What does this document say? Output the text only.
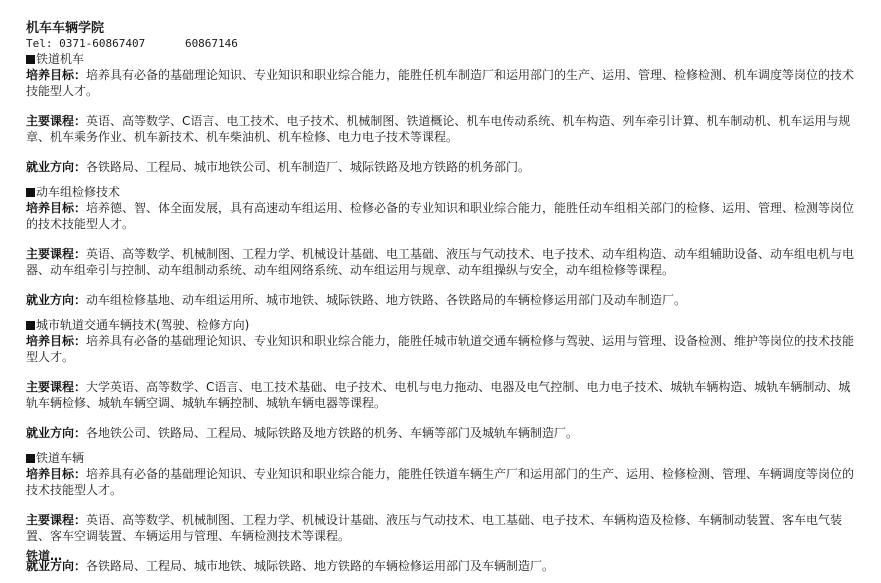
机车车辆学院
Tel: 0371-60867407      60867146
铁道机车

培养目标：培养具有必备的基础理论知识、专业知识和职业综合能力，能胜任机车制造厂和运用部门的生产、运用、管理、检修检测、机车调度等岗位的技术技能型人才。

主要课程：英语、高等数学、C语言、电工技术、电子技术、机械制图、铁道概论、机车电传动系统、机车构造、列车牵引计算、机车制动机、机车运用与规章、机车乘务作业、机车新技术、机车柴油机、机车检修、电力电子技术等课程。

就业方向：各铁路局、工程局、城市地铁公司、机车制造厂、城际铁路及地方铁路的机务部门。

动车组检修技术

培养目标：培养德、智、体全面发展，具有高速动车组运用、检修必备的专业知识和职业综合能力，能胜任动车组相关部门的检修、运用、管理、检测等岗位的技术技能型人才。

主要课程：英语、高等数学、机械制图、工程力学、机械设计基础、电工基础、液压与气动技术、电子技术、动车组构造、动车组辅助设备、动车组电机与电器、动车组牵引与控制、动车组制动系统、动车组网络系统、动车组运用与规章、动车组操纵与安全，动车组检修等课程。

就业方向：动车组检修基地、动车组运用所、城市地铁、城际铁路、地方铁路、各铁路局的车辆检修运用部门及动车制造厂。

城市轨道交通车辆技术(驾驶、检修方向)

培养目标：培养具有必备的基础理论知识、专业知识和职业综合能力，能胜任城市轨道交通车辆检修与驾驶、运用与管理、设备检测、维护等岗位的技术技能型人才。

主要课程：大学英语、高等数学、C语言、电工技术基础、电子技术、电机与电力拖动、电器及电气控制、电力电子技术、城轨车辆构造、城轨车辆制动、城轨车辆检修、城轨车辆空调、城轨车辆控制、城轨车辆电器等课程。

就业方向：各地铁公司、铁路局、工程局、城际铁路及地方铁路的机务、车辆等部门及城轨车辆制造厂。

铁道车辆

培养目标：培养具有必备的基础理论知识、专业知识和职业综合能力，能胜任铁道车辆生产厂和运用部门的生产、运用、检修检测、管理、车辆调度等岗位的技术技能型人才。

主要课程：英语、高等数学、机械制图、工程力学、机械设计基础、液压与气动技术、电工基础、电子技术、车辆构造及检修、车辆制动装置、客车电气装置、客车空调装置、车辆运用与管理、车辆检测技术等课程。

就业方向：各铁路局、工程局、城市地铁、城际铁路、地方铁路的车辆检修运用部门及车辆制造厂。

铁道…
